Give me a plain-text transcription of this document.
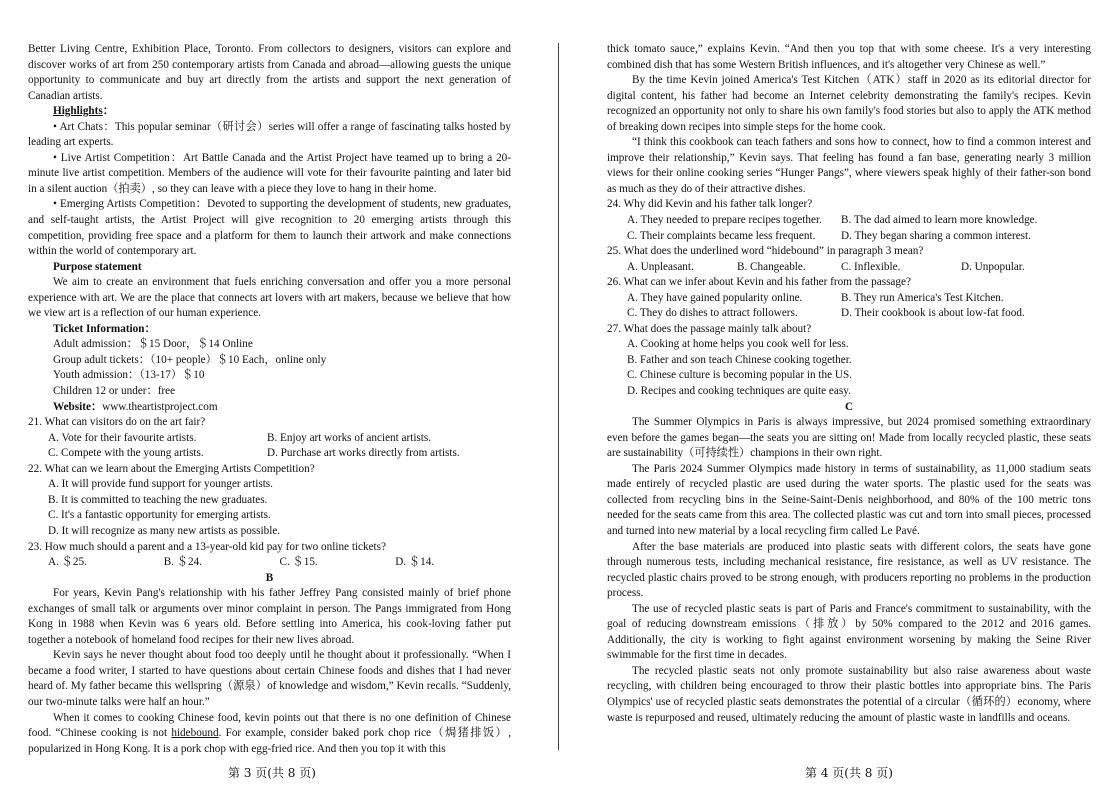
Better Living Centre, Exhibition Place, Toronto. From collectors to designers, visitors can explore and discover works of art from 250 contemporary artists from Canada and abroad—allowing guests the unique opportunity to communicate and buy art directly from the artists and support the next generation of Canadian artists.

Highlights：

• Art Chats：This popular seminar（研讨会）series will offer a range of fascinating talks hosted by leading art experts.

• Live Artist Competition：Art Battle Canada and the Artist Project have teamed up to bring a 20-minute live artist competition. Members of the audience will vote for their favourite painting and later bid in a silent auction（拍卖）, so they can leave with a piece they love to hang in their home.

• Emerging Artists Competition：Devoted to supporting the development of students, new graduates, and self-taught artists, the Artist Project will give recognition to 20 emerging artists through this competition, providing free space and a platform for them to launch their artwork and make connections within the world of contemporary art.

Purpose statement

We aim to create an environment that fuels enriching conversation and offer you a more personal experience with art. We are the place that connects art lovers with art makers, because we believe that how we view art is a reflection of our human experience.

Ticket Information：
Adult admission：＄15 Door，＄14 Online
Group adult tickets：（10+ people）＄10 Each，online only
Youth admission：（13-17）＄10
Children 12 or under：free
Website：www.theartistproject.com
21. What can visitors do on the art fair?
A. Vote for their favourite artists.	B. Enjoy art works of ancient artists.
C. Compete with the young artists.	D. Purchase art works directly from artists.
22. What can we learn about the Emerging Artists Competition?
A. It will provide fund support for younger artists.
B. It is committed to teaching the new graduates.
C. It's a fantastic opportunity for emerging artists.
D. It will recognize as many new artists as possible.
23. How much should a parent and a 13-year-old kid pay for two online tickets?
A. ＄25.	B. ＄24.	C. ＄15.	D. ＄14.
B

For years, Kevin Pang's relationship with his father Jeffrey Pang consisted mainly of brief phone exchanges of small talk or arguments over minor complaint in person. The Pangs immigrated from Hong Kong in 1988 when Kevin was 6 years old. Before settling into America, his cook-loving father put together a notebook of homeland food recipes for their new lives abroad.

Kevin says he never thought about food too deeply until he thought about it professionally. “When I became a food writer, I started to have questions about certain Chinese foods and dishes that I had never heard of. My father became this wellspring（源泉）of knowledge and wisdom,” Kevin recalls. “Suddenly, our two-minute talks were half an hour.”

When it comes to cooking Chinese food, kevin points out that there is no one definition of Chinese food. “Chinese cooking is not hidebound. For example, consider baked pork chop rice（焗猪排饭）, popularized in Hong Kong. It is a pork chop with egg-fried rice. And then you top it with this

thick tomato sauce,” explains Kevin. “And then you top that with some cheese. It's a very interesting combined dish that has some Western British influences, and it's altogether very Chinese as well.”

By the time Kevin joined America's Test Kitchen（ATK）staff in 2020 as its editorial director for digital content, his father had become an Internet celebrity demonstrating the family's recipes. Kevin recognized an opportunity not only to share his own family's food stories but also to apply the ATK method of breaking down recipes into simple steps for the home cook.

“I think this cookbook can teach fathers and sons how to connect, how to find a common interest and improve their relationship,” Kevin says. That feeling has found a fan base, generating nearly 3 million views for their online cooking series “Hunger Pangs”, where viewers speak highly of their father-son bond as much as they do of their attractive dishes.

24. Why did Kevin and his father talk longer?
A. They needed to prepare recipes together.	B. The dad aimed to learn more knowledge.
C. Their complaints became less frequent.	D. They began sharing a common interest.
25. What does the underlined word “hidebound” in paragraph 3 mean?
A. Unpleasant.	B. Changeable.	C. Inflexible.	D. Unpopular.
26. What can we infer about Kevin and his father from the passage?
A. They have gained popularity online.	B. They run America's Test Kitchen.
C. They do dishes to attract followers.	D. Their cookbook is about low-fat food.
27. What does the passage mainly talk about?
A. Cooking at home helps you cook well for less.
B. Father and son teach Chinese cooking together.
C. Chinese culture is becoming popular in the US.
D. Recipes and cooking techniques are quite easy.
C

The Summer Olympics in Paris is always impressive, but 2024 promised something extraordinary even before the games began—the seats you are sitting on! Made from locally recycled plastic, these seats are sustainability（可持续性）champions in their own right.

The Paris 2024 Summer Olympics made history in terms of sustainability, as 11,000 stadium seats made entirely of recycled plastic are used during the water sports. The plastic used for the seats was collected from recycling bins in the Seine-Saint-Denis neighborhood, and 80% of the 100 metric tons needed for the seats came from this area. The collected plastic was cut and torn into small pieces, processed and turned into new material by a local recycling firm called Le Pavé.

After the base materials are produced into plastic seats with different colors, the seats have gone through numerous tests, including mechanical resistance, fire resistance, as well as UV resistance. The recycled plastic chairs proved to be strong enough, with producers reporting no problems in the production process.

The use of recycled plastic seats is part of Paris and France's commitment to sustainability, with the goal of reducing downstream emissions（排放）by 50% compared to the 2012 and 2016 games. Additionally, the city is working to fight against environment worsening by making the Seine River swimmable for the first time in decades.

The recycled plastic seats not only promote sustainability but also raise awareness about waste recycling, with children being encouraged to throw their plastic bottles into appropriate bins. The Paris Olympics' use of recycled plastic seats demonstrates the potential of a circular（循环的）economy, where waste is repurposed and reused, ultimately reducing the amount of plastic waste in landfills and oceans.

第 3 页(共 8 页)	第 4 页(共 8 页)
